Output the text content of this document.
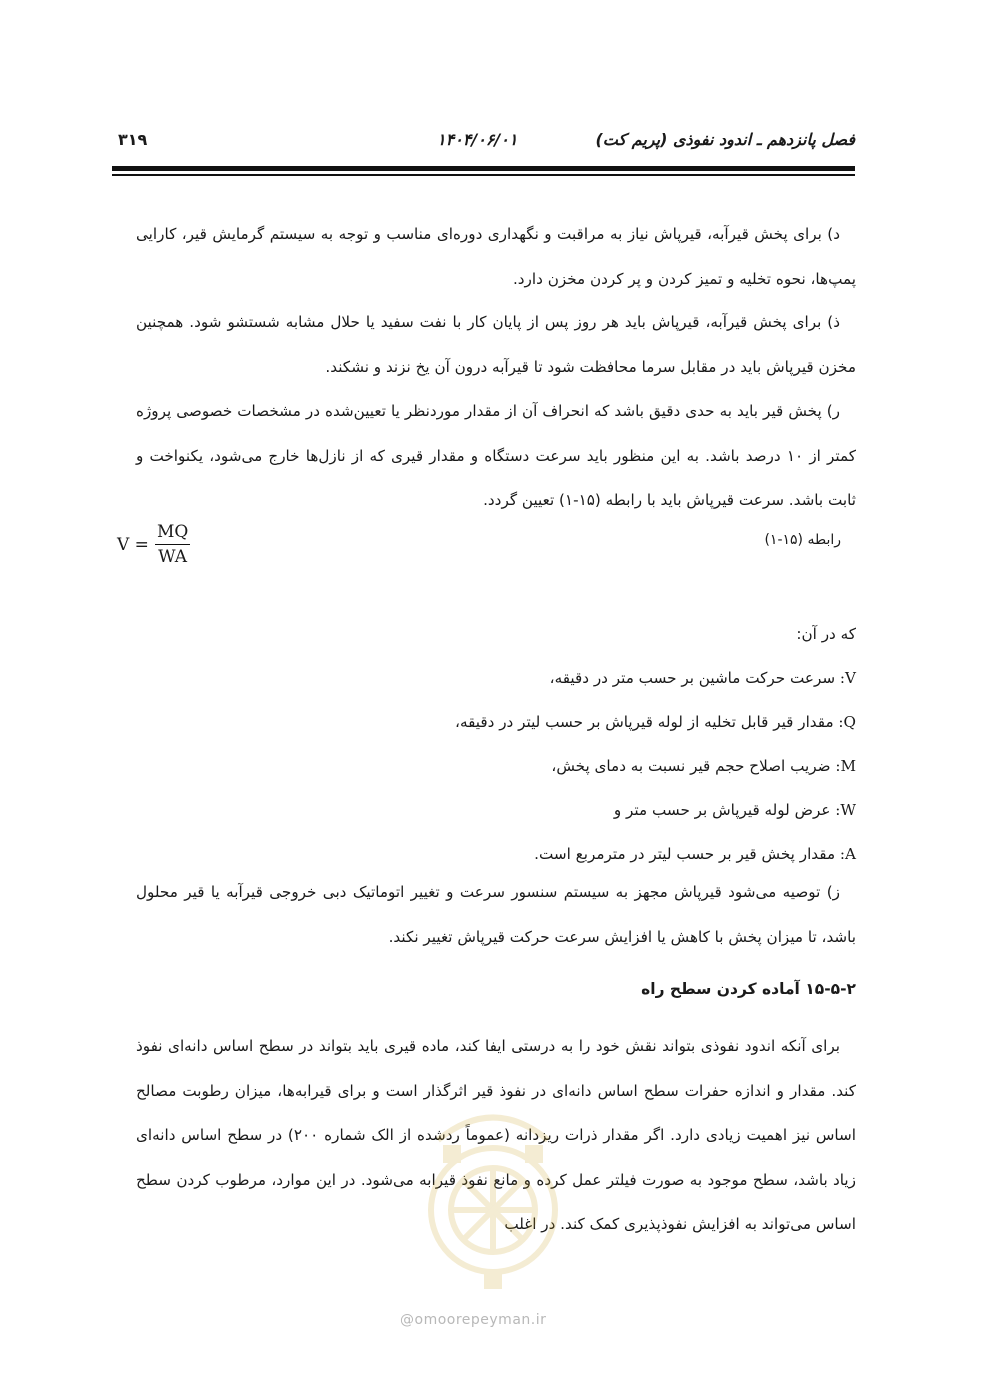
فصل پانزدهم ـ اندود نفوذی (پریم کت)
۱۴۰۴/۰۶/۰۱
۳۱۹

د) برای پخش قیرآبه، قیرپاش نیاز به مراقبت و نگهداری دوره‌ای مناسب و توجه به سیستم گرمایش قیر، کارایی پمپ‌ها، نحوه تخلیه و تمیز کردن و پر کردن مخزن دارد.

ذ) برای پخش قیرآبه، قیرپاش باید هر روز پس از پایان کار با نفت سفید یا حلال مشابه شستشو شود. همچنین مخزن قیرپاش باید در مقابل سرما محافظت شود تا قیرآبه درون آن یخ نزند و نشکند.

ر) پخش قیر باید به حدی دقیق باشد که انحراف آن از مقدار موردنظر یا تعیین‌شده در مشخصات خصوصی پروژه کمتر از ۱۰ درصد باشد. به این منظور باید سرعت دستگاه و مقدار قیری که از نازل‌ها خارج می‌شود، یکنواخت و ثابت باشد. سرعت قیرپاش باید با رابطه (۱۵-۱) تعیین گردد.

$V = \frac{MQ}{WA}$	رابطه (۱۵-۱)
که در آن:
V: سرعت حرکت ماشین بر حسب متر در دقیقه،
Q: مقدار قیر قابل تخلیه از لوله قیرپاش بر حسب لیتر در دقیقه،
M: ضریب اصلاح حجم قیر نسبت به دمای پخش،
W: عرض لوله قیرپاش بر حسب متر و
A: مقدار پخش قیر بر حسب لیتر در مترمربع است.

ز) توصیه می‌شود قیرپاش مجهز به سیستم سنسور سرعت و تغییر اتوماتیک دبی خروجی قیرآبه یا قیر محلول باشد، تا میزان پخش با کاهش یا افزایش سرعت حرکت قیرپاش تغییر نکند.

۱۵-۵-۲ آماده کردن سطح راه

برای آنکه اندود نفوذی بتواند نقش خود را به درستی ایفا کند، ماده قیری باید بتواند در سطح اساس دانه‌ای نفوذ کند. مقدار و اندازه حفرات سطح اساس دانه‌ای در نفوذ قیر اثرگذار است و برای قیرابه‌ها، میزان رطوبت مصالح اساس نیز اهمیت زیادی دارد. اگر مقدار ذرات ریزدانه (عموماً ردشده از الک شماره ۲۰۰) در سطح اساس دانه‌ای زیاد باشد، سطح موجود به صورت فیلتر عمل کرده و مانع نفوذ قیرابه می‌شود. در این موارد، مرطوب کردن سطح اساس می‌تواند به افزایش نفوذپذیری کمک کند. در اغلب

@omoorepeyman.ir
